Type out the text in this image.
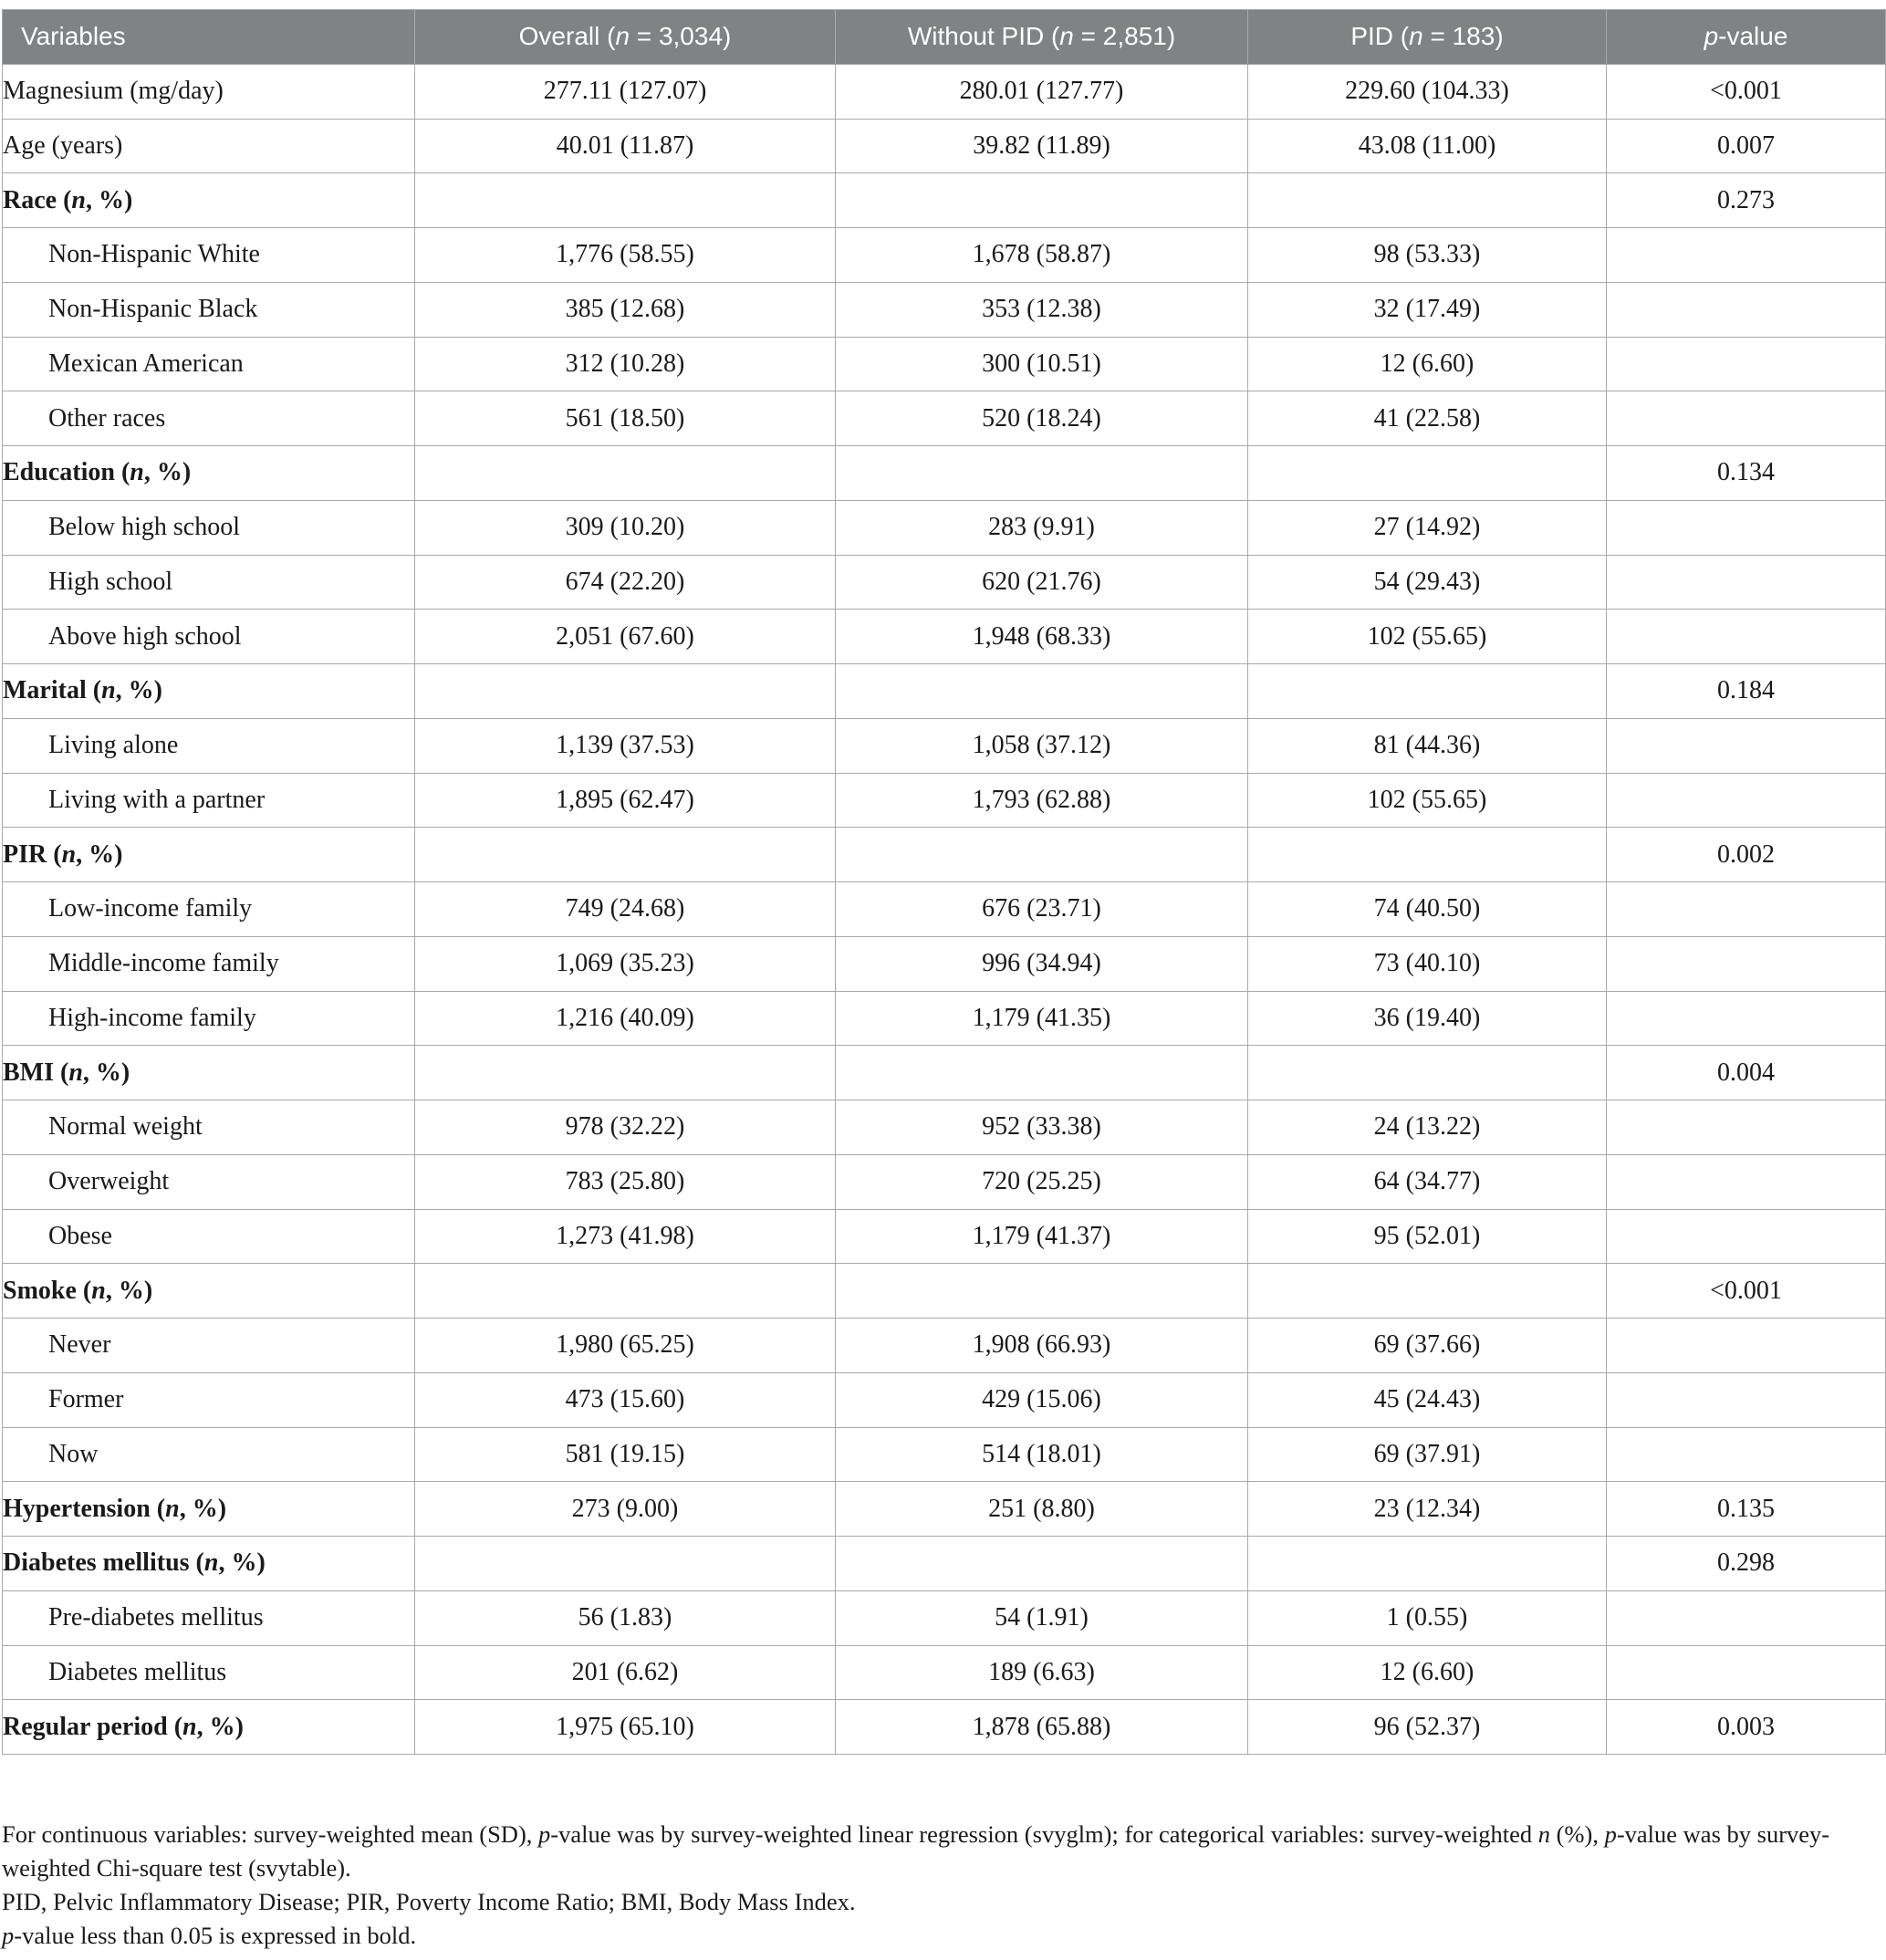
Variables	Overall (n = 3,034)	Without PID (n = 2,851)	PID (n = 183)	p-value
Magnesium (mg/day)	277.11 (127.07)	280.01 (127.77)	229.60 (104.33)	<0.001
Age (years)	40.01 (11.87)	39.82 (11.89)	43.08 (11.00)	0.007
Race (n, %)				0.273
Non-Hispanic White	1,776 (58.55)	1,678 (58.87)	98 (53.33)	
Non-Hispanic Black	385 (12.68)	353 (12.38)	32 (17.49)	
Mexican American	312 (10.28)	300 (10.51)	12 (6.60)	
Other races	561 (18.50)	520 (18.24)	41 (22.58)	
Education (n, %)				0.134
Below high school	309 (10.20)	283 (9.91)	27 (14.92)	
High school	674 (22.20)	620 (21.76)	54 (29.43)	
Above high school	2,051 (67.60)	1,948 (68.33)	102 (55.65)	
Marital (n, %)				0.184
Living alone	1,139 (37.53)	1,058 (37.12)	81 (44.36)	
Living with a partner	1,895 (62.47)	1,793 (62.88)	102 (55.65)	
PIR (n, %)				0.002
Low-income family	749 (24.68)	676 (23.71)	74 (40.50)	
Middle-income family	1,069 (35.23)	996 (34.94)	73 (40.10)	
High-income family	1,216 (40.09)	1,179 (41.35)	36 (19.40)	
BMI (n, %)				0.004
Normal weight	978 (32.22)	952 (33.38)	24 (13.22)	
Overweight	783 (25.80)	720 (25.25)	64 (34.77)	
Obese	1,273 (41.98)	1,179 (41.37)	95 (52.01)	
Smoke (n, %)				<0.001
Never	1,980 (65.25)	1,908 (66.93)	69 (37.66)	
Former	473 (15.60)	429 (15.06)	45 (24.43)	
Now	581 (19.15)	514 (18.01)	69 (37.91)	
Hypertension (n, %)	273 (9.00)	251 (8.80)	23 (12.34)	0.135
Diabetes mellitus (n, %)				0.298
Pre-diabetes mellitus	56 (1.83)	54 (1.91)	1 (0.55)	
Diabetes mellitus	201 (6.62)	189 (6.63)	12 (6.60)	
Regular period (n, %)	1,975 (65.10)	1,878 (65.88)	96 (52.37)	0.003

For continuous variables: survey-weighted mean (SD), p-value was by survey-weighted linear regression (svyglm); for categorical variables: survey-weighted n (%), p-value was by survey-weighted Chi-square test (svytable).

PID, Pelvic Inflammatory Disease; PIR, Poverty Income Ratio; BMI, Body Mass Index.

p-value less than 0.05 is expressed in bold.
